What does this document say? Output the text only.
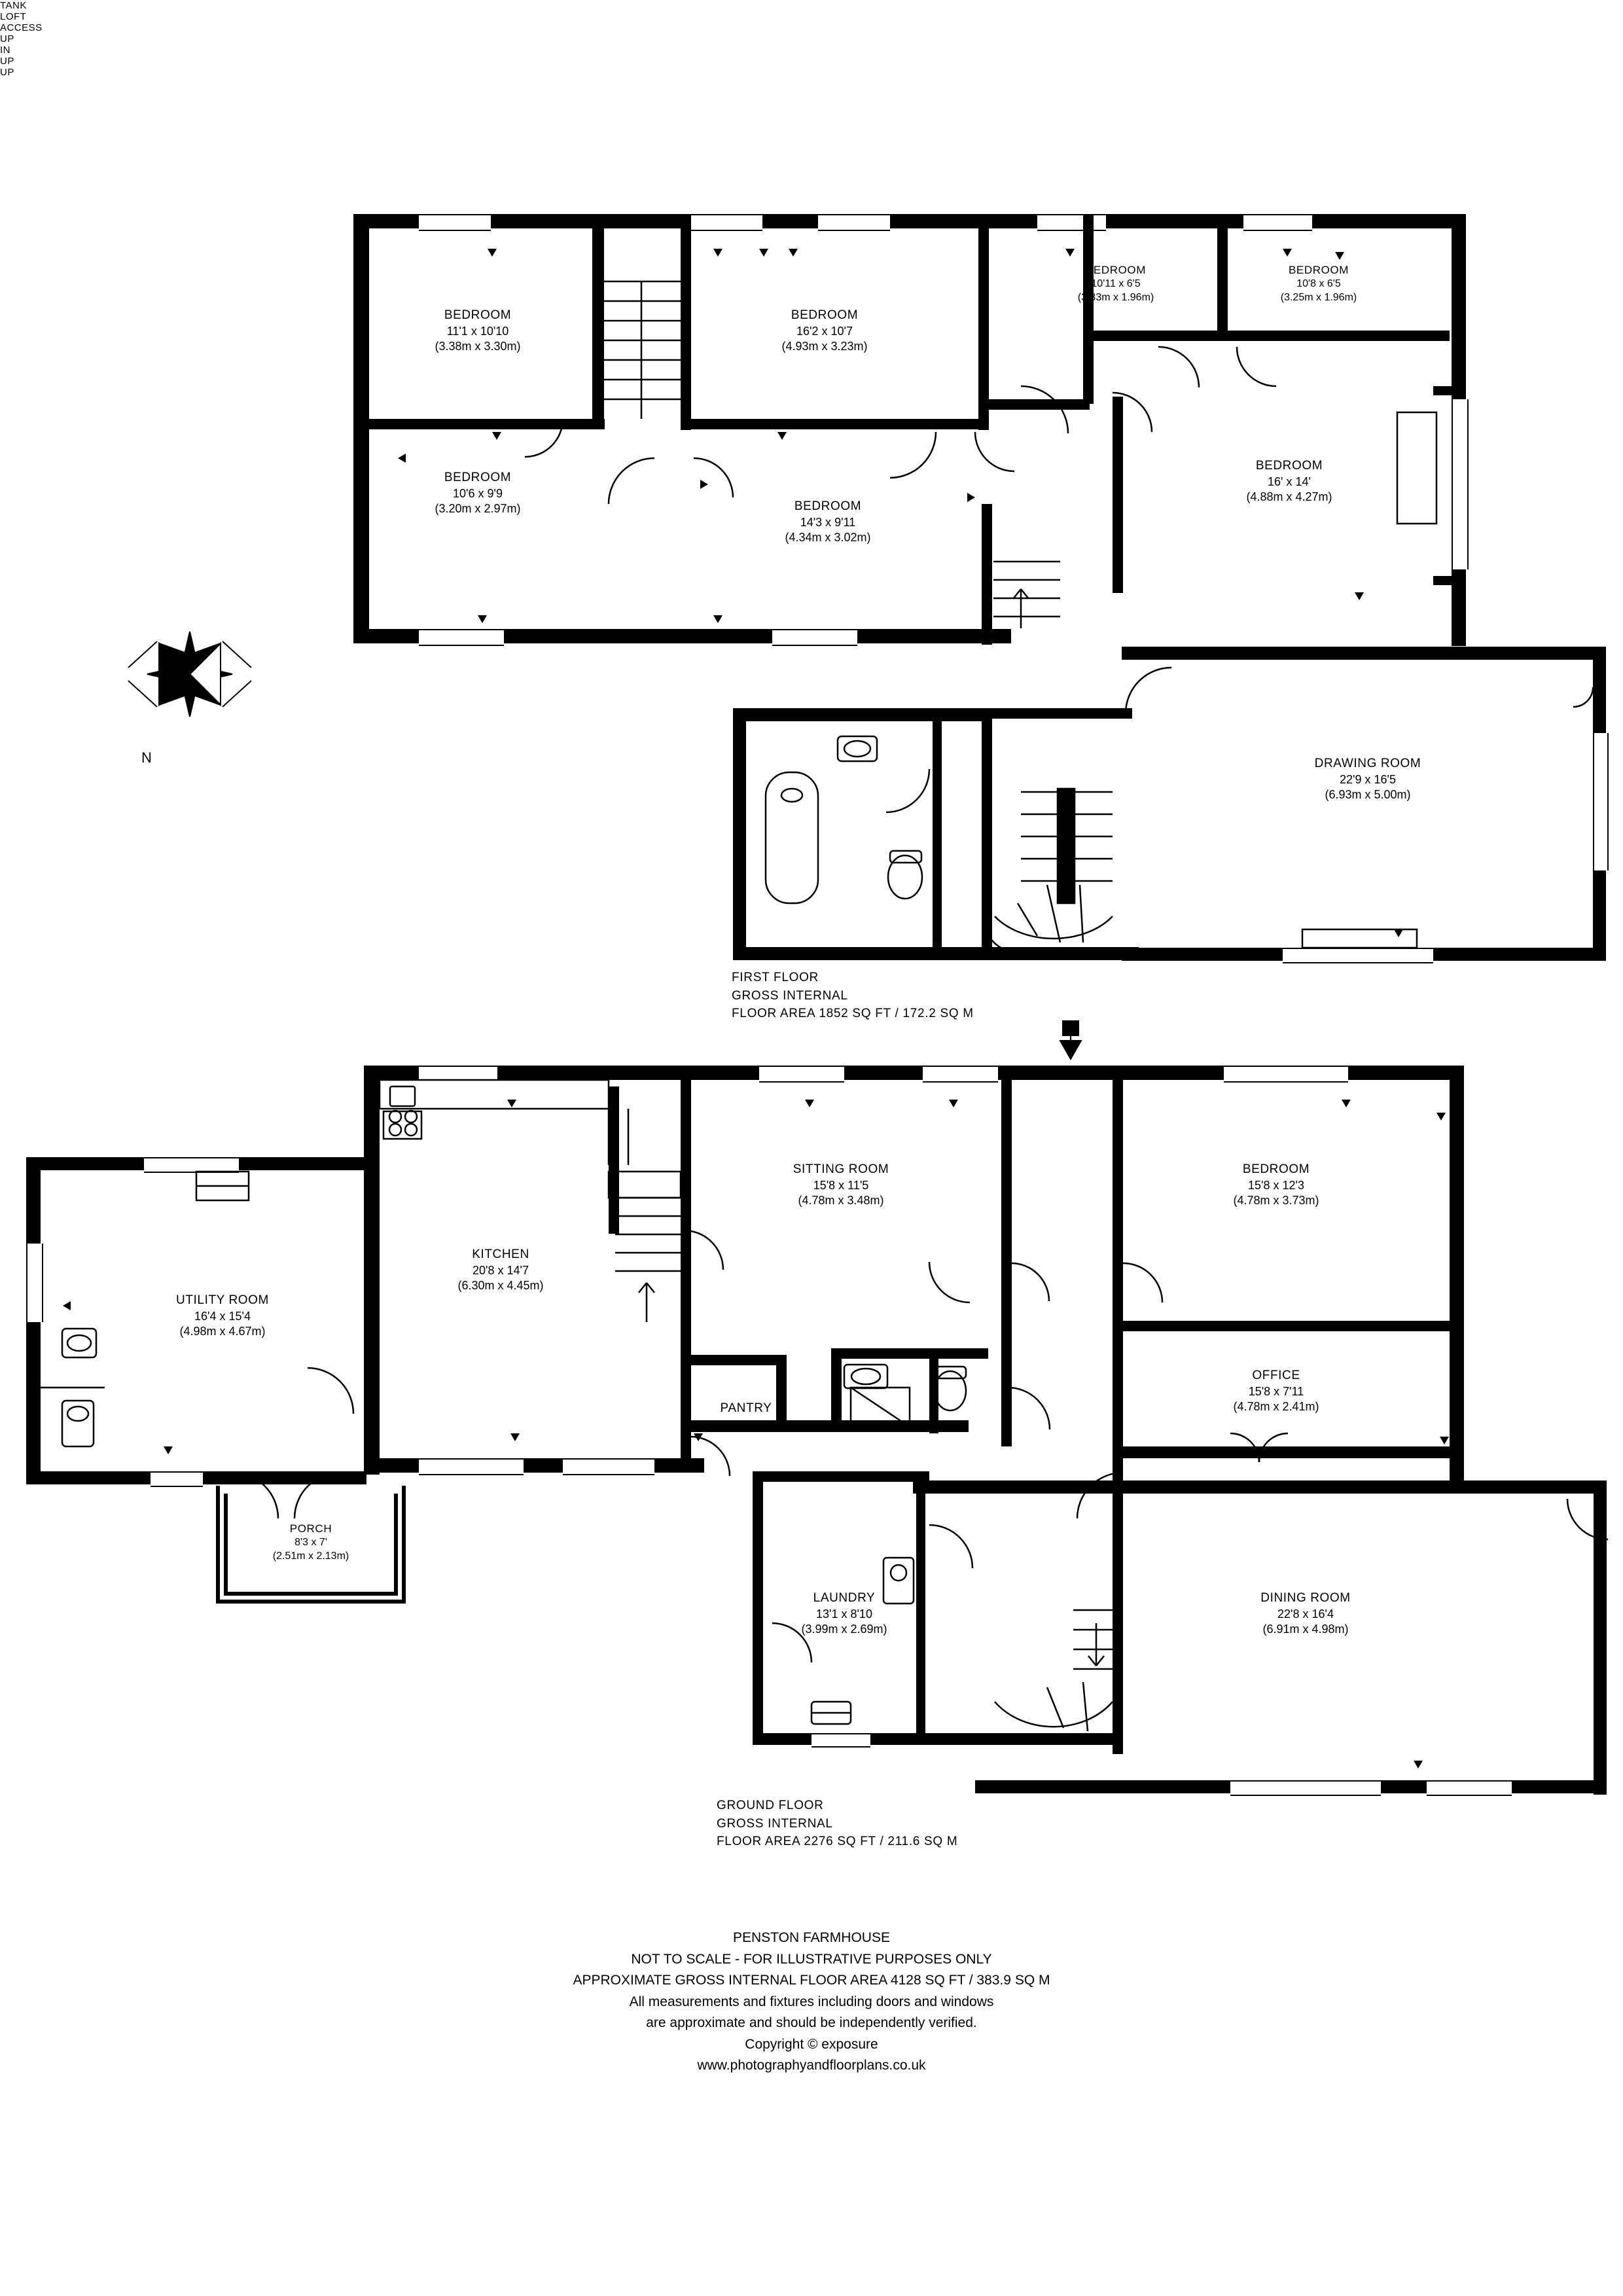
BEDROOM
11'1 x 10'10
(3.38m x 3.30m)
BEDROOM
16'2 x 10'7
(4.93m x 3.23m)
BEDROOM
10'11 x 6'5
(3.33m x 1.96m)
BEDROOM
10'8 x 6'5
(3.25m x 1.96m)
BEDROOM
10'6 x 9'9
(3.20m x 2.97m)	BEDROOM
14'3 x 9'11
(4.34m x 3.02m)
BEDROOM
16' x 14'
(4.88m x 4.27m)
DRAWING ROOM
22'9 x 16'5
(6.93m x 5.00m)
TANK
LOFT
ACCESS
UP
FIRST FLOOR
GROSS INTERNAL
FLOOR AREA 1852 SQ FT / 172.2 SQ M
UTILITY ROOM
16'4 x 15'4
(4.98m x 4.67m)
KITCHEN
20'8 x 14'7
(6.30m x 4.45m)
SITTING ROOM
15'8 x 11'5
(4.78m x 3.48m)
BEDROOM
15'8 x 12'3
(4.78m x 3.73m)
OFFICE
15'8 x 7'11
(4.78m x 2.41m)
DINING ROOM
22'8 x 16'4
(6.91m x 4.98m)
PORCH
8'3 x 7'
(2.51m x 2.13m)
LAUNDRY
13'1 x 8'10
(3.99m x 2.69m)
PANTRY
IN
UP
UP
GROUND FLOOR
GROSS INTERNAL
FLOOR AREA 2276 SQ FT / 211.6 SQ M
N
PENSTON FARMHOUSE
NOT TO SCALE - FOR ILLUSTRATIVE PURPOSES ONLY
APPROXIMATE GROSS INTERNAL FLOOR AREA 4128 SQ FT / 383.9 SQ M
All measurements and fixtures including doors and windows
are approximate and should be independently verified.
Copyright © exposure
www.photographyandfloorplans.co.uk
